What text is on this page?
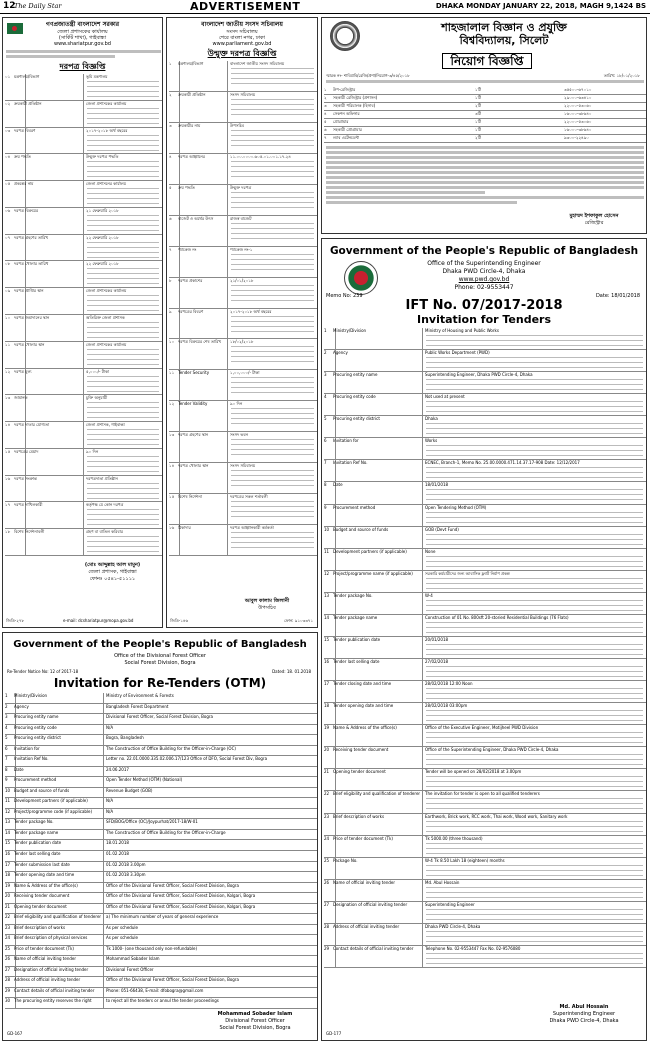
12
The Daily Star	ADVERTISEMENT	DHAKA MONDAY JANUARY 22, 2018, MAGH 9,1424 BS
গণপ্রজাতন্ত্রী বাংলাদেশ সরকার
জেলা প্রশাসকের কার্যালয়
(সার্কিট শাখা), গাইবান্ধা
www.shariatpur.gov.bd
দরপত্র বিজ্ঞপ্তি
০১ মন্ত্রণালয়/বিভাগ	ভূমি মন্ত্রণালয়
০২ ক্রয়কারী প্রতিষ্ঠান	জেলা প্রশাসকের কার্যালয়
০৩ দরপত্র বিবরণ	২০১৭-২০১৮ অর্থ বছরের
০৪ ক্রয় পদ্ধতি	উন্মুক্ত দরপত্র পদ্ধতি
০৫ প্রকল্পের নাম	জেলা প্রশাসনের কার্যালয়
০৬ দরপত্র বিক্রয়ের	২১ ফেব্রুয়ারি ২০১৮
০৭ দরপত্র গ্রহণের তারিখ	২২ ফেব্রুয়ারি ২০১৮
০৮ দরপত্র খোলার তারিখ	২২ ফেব্রুয়ারি ২০১৮
০৯ দরপত্র প্রাপ্তির স্থান	জেলা প্রশাসকের কার্যালয়
১০ দরপত্র জমাদানের স্থান	অতিরিক্ত জেলা প্রশাসক
১১ দরপত্র খোলার স্থান	জেলা প্রশাসকের কার্যালয়
১২ দরপত্র মূল্য	৫,০০০/- টাকা
১৩ জামানত	চুক্তি অনুযায়ী
১৪ দরপত্র দাতার যোগ্যতা	জেলা প্রশাসক, গাইবান্ধা
১৫ দরপত্রের মেয়াদ	৯০ দিন
১৬ দরপত্র সংক্রান্ত	দরপত্রদাতা প্রতিষ্ঠান
১৭ দরপত্র দাখিলকারী	কর্তৃপক্ষ যে কোন দরপত্র
১৮ বিশেষ নির্দেশনাবলী	গ্রহণ বা বাতিল করিবার
(মোঃ আব্দুল্লাহ আল মামুন)
জেলা প্রশাসক, গাইবান্ধা
ফোনঃ ০৫৪১-৫১১১১
জিডি-২৭৮	e-mail: dcshariatpur@mopa.gov.bd
বাংলাদেশ জাতীয় সংসদ সচিবালয়
সংসদ সচিবালয়
শেরে বাংলা নগর, ঢাকা
www.parliament.gov.bd
উন্মুক্ত দরপত্র বিজ্ঞপ্তি
১	মন্ত্রণালয়/বিভাগ	বাংলাদেশ জাতীয় সংসদ সচিবালয়
২	ক্রয়কারী প্রতিষ্ঠান	সংসদ সচিবালয়
৩	ক্রয়কারীর নাম	উপসচিব
৪	দরপত্র আহ্বানের	১১.০০.০০০০.৬০৫.০১.০০১.১৭.২৪
৫	ক্রয় পদ্ধতি	উন্মুক্ত দরপত্র
৬	বাজেট ও অর্থের উৎস	রাজস্ব বাজেট
৭	প্যাকেজ নং	প্যাকেজ নং-১
৮	দরপত্র প্রকাশের	২১/০১/২০১৮
৯	দরপত্রের বিবরণ	২০১৭-২০১৮ অর্থ বছরের
১০ দরপত্র বিক্রয়ের শেষ তারিখ	১৮/০২/২০১৮
১১ Tender Security	১,০০,০০০/- টাকা
১২ Tender Validity	৯০ দিন
১৩ দরপত্র গ্রহণের স্থান	সংসদ ভবন
১৪ দরপত্র খোলার স্থান	সংসদ সচিবালয়
১৫ বিশেষ নির্দেশনা	দরপত্রের সকল শর্তাবলী
১৬ ঠিকাদার	দরপত্র আহ্বানকারী কর্মকর্তা
আবুল কালাম জিলানী
উপসচিব
ফোন: ৯১০৩৩৭১
জিডি-১৪৬
শাহজালাল বিজ্ঞান ও প্রযুক্তি
বিশ্ববিদ্যালয়, সিলেট
নিয়োগ বিজ্ঞপ্তি
স্মারক নং- শাবিপ্রবি/রেজি/প্রশা/নিয়োগ-৩/৪৫/২০১৮	তারিখ: ১৮/০১/২০১৮
১	উপ-রেজিস্ট্রার	১টি	৩৫৫০০-৬৭০১০
২	সহকারী রেজিস্ট্রার (প্রশাসন)	১টি	২৯০০০-৬৩৪১০
৩	সহকারী পরিচালক (হিসাব)	২টি	২২০০০-৫৩০৬০
৪	সেকশন অফিসার	৩টি	১৬০০০-৩৮৬৪০
৫	প্রোগ্রামার	১টি	২২০০০-৫৩০৬০
৬	সহকারী প্রোগ্রামার	১টি	১৬০০০-৩৮৬৪০
৭	ল্যাব এটেনডেন্ট	২টি	৯৩০০-২২৪৯০
মুহাম্মদ ইশফাকুল হোসেন
রেজিস্ট্রার
Government of the People's Republic of Bangladesh
Office of the Superintending Engineer
Dhaka PWD Circle-4, Dhaka
www.pwd.gov.bd
Phone: 02-9553447
Memo No: 239	Date: 18/01/2018
IFT No. 07/2017-2018
Invitation for Tenders
1	Ministry/Division	Ministry of Housing and Public Works
2	Agency	Public Works Department (PWD)
3	Procuring entity name	Superintending Engineer, Dhaka PWD Circle-4, Dhaka
4	Procuring entity code	Not used at present
5	Procuring entity district	Dhaka
6	Invitation for	Works
7	Invitation Ref No.	ECNEC, Branch-1, Memo No. 25.00.0000.471.14.37.17-908 Date: 12/12/2017
8	Date	18/01/2018
9	Procurement method	Open Tendering Method (OTM)
10 Budget and source of funds	GOB (Devt Fund)
11 Development partners (if applicable)	None
12 Project/programme name (if applicable)	সরকারি কর্মচারীদের জন্য আবাসিক ফ্ল্যাট নির্মাণ প্রকল্প
13 Tender package No.	W-4
14 Tender package name	Construction of 01 No. 800sft 20-storied Residential Buildings (76 Flats)
15 Tender publication date	20/01/2018
16 Tender last selling date	27/02/2018
17 Tender closing date and time	28/02/2018 12:00 Noon
18 Tender opening date and time	28/02/2018 03:00pm
19 Name & Address of the office(s)	Office of the Executive Engineer, Motijheel PWD Division
20 Receiving tender document	Office of the Superintending Engineer, Dhaka PWD Circle-4, Dhaka
21 Opening tender document	Tender will be opened on 28/02/2018 at 3.00pm
22 Brief eligibility and qualification of tenderer	The invitation for tender is open to all qualified tenderers
23 Brief description of works	Earthwork, Brick work, RCC work, Thai work, Wood work, Sanitary work
24 Price of tender document (Tk)	Tk 5000.00 (three thousand)
25 Package No.	W-4 Tk 8.50 Lakh 18 (eighteen) months
26 Name of official inviting tender	Md. Abul Hossain
27 Designation of official inviting tender	Superintending Engineer
28 Address of official inviting tender	Dhaka PWD Circle-4, Dhaka
29 Contact details of official inviting tender	Telephone No. 02-9553447 Fax No. 02-9576080
Md. Abul Hossain
Superintending Engineer
Dhaka PWD Circle-4, Dhaka
GD-177
Government of the People's Republic of Bangladesh
Office of the Divisional Forest Officer
Social Forest Division, Bogra
Re-Tender Notice No: 12 of 2017-18	Dated: 18. 01.2018
Invitation for Re-Tenders (OTM)
1	Ministry/Division	Ministry of Environment & Forests
2	Agency	Bangladesh Forest Department
3	Procuring entity name	Divisional Forest Officer, Social Forest Division, Bogra
4	Procuring entity code	N/A
5	Procuring entity district	Bogra, Bangladesh
6	Invitation for	The Construction of Office Building for the Officer-in-Charge (OC)
7	Invitation Ref No.	Letter no. 22.01.0000.335.02.006.17/123 Office of DFO, Social Forest Div, Bogra
8	Date	24.06.2017
9	Procurement method	Open Tender Method (OTM) (National)
10 Budget and source of funds	Revenue Budget (GOB)
11 Development partners (if applicable)	N/A
12 Project/programme code (if applicable)	N/A
13 Tender package No.	SFD/BOG/Office (OC)/Joypurhat/2017-18/W-01
14 Tender package name	The Construction of Office Building for the Officer-in-Charge
15 Tender publication date	18.01.2018
16 Tender last selling date	01.02.2018
17 Tender submission last date	01.02.2018 3.00pm
18 Tender opening date and time	01.02.2018 3.30pm
19 Name & Address of the office(s)	Office of the Divisional Forest Officer, Social Forest Division, Bogra
20 Receiving tender document	Office of the Divisional Forest Officer, Social Forest Division, Kolgari, Bogra
21 Opening tender document	Office of the Divisional Forest Officer, Social Forest Division, Kolgari, Bogra
22 Brief eligibility and qualification of tenderer	a) The minimum number of years of general experience
23 Brief description of works	As per schedule
24 Brief description of physical services	As per schedule
25 Price of tender document (Tk)	Tk 1000- (one thousand only non-refundable)
26 Name of official inviting tender	Mohammad Sobader Islam
27 Designation of official inviting tender	Divisional Forest Officer
28 Address of official inviting tender	Office of the Divisional Forest Officer, Social Forest Division, Bogra
29 Contact details of official inviting tender	Phone: 051-66438, E-mail: dfobogra@gmail.com
30 The procuring entity reserves the right	to reject all the tenders or annul the tender proceedings
Mohammad Sobader Islam
Divisional Forest Officer
Social Forest Division, Bogra
GD-167
